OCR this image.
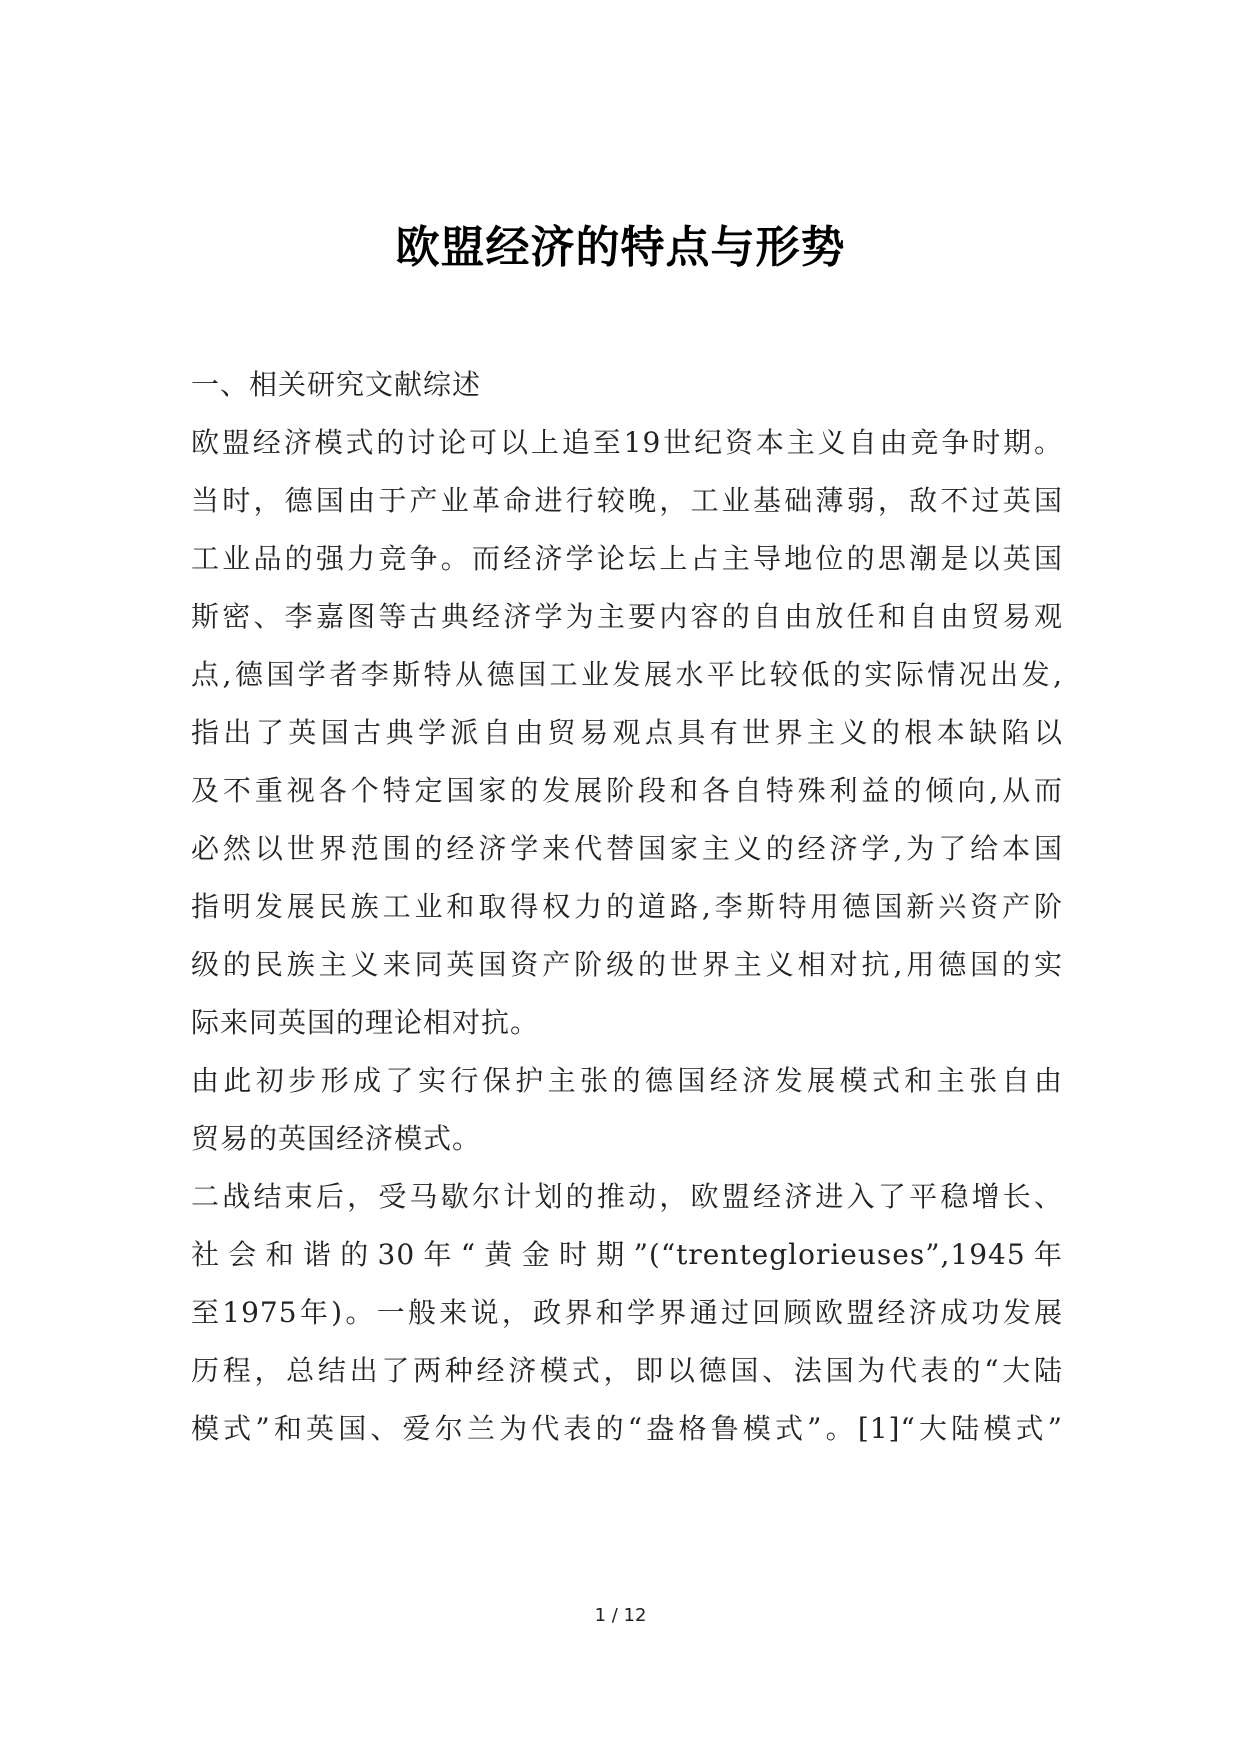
欧盟经济的特点与形势
一、相关研究文献综述
欧盟经济模式的讨论可以上追至19世纪资本主义自由竞争时期。
当时，德国由于产业革命进行较晚，工业基础薄弱，敌不过英国
工业品的强力竞争。而经济学论坛上占主导地位的思潮是以英国
斯密、李嘉图等古典经济学为主要内容的自由放任和自由贸易观
点,德国学者李斯特从德国工业发展水平比较低的实际情况出发,
指出了英国古典学派自由贸易观点具有世界主义的根本缺陷以
及不重视各个特定国家的发展阶段和各自特殊利益的倾向,从而
必然以世界范围的经济学来代替国家主义的经济学,为了给本国
指明发展民族工业和取得权力的道路,李斯特用德国新兴资产阶
级的民族主义来同英国资产阶级的世界主义相对抗,用德国的实
际来同英国的理论相对抗。
由此初步形成了实行保护主张的德国经济发展模式和主张自由
贸易的英国经济模式。
二战结束后，受马歇尔计划的推动，欧盟经济进入了平稳增长、
社会和谐的30年“黄金时期”(“trenteglorieuses”,1945年
至1975年)。一般来说，政界和学界通过回顾欧盟经济成功发展
历程，总结出了两种经济模式，即以德国、法国为代表的“大陆
模式”和英国、爱尔兰为代表的“盎格鲁模式”。[1]“大陆模式”
1 / 12
